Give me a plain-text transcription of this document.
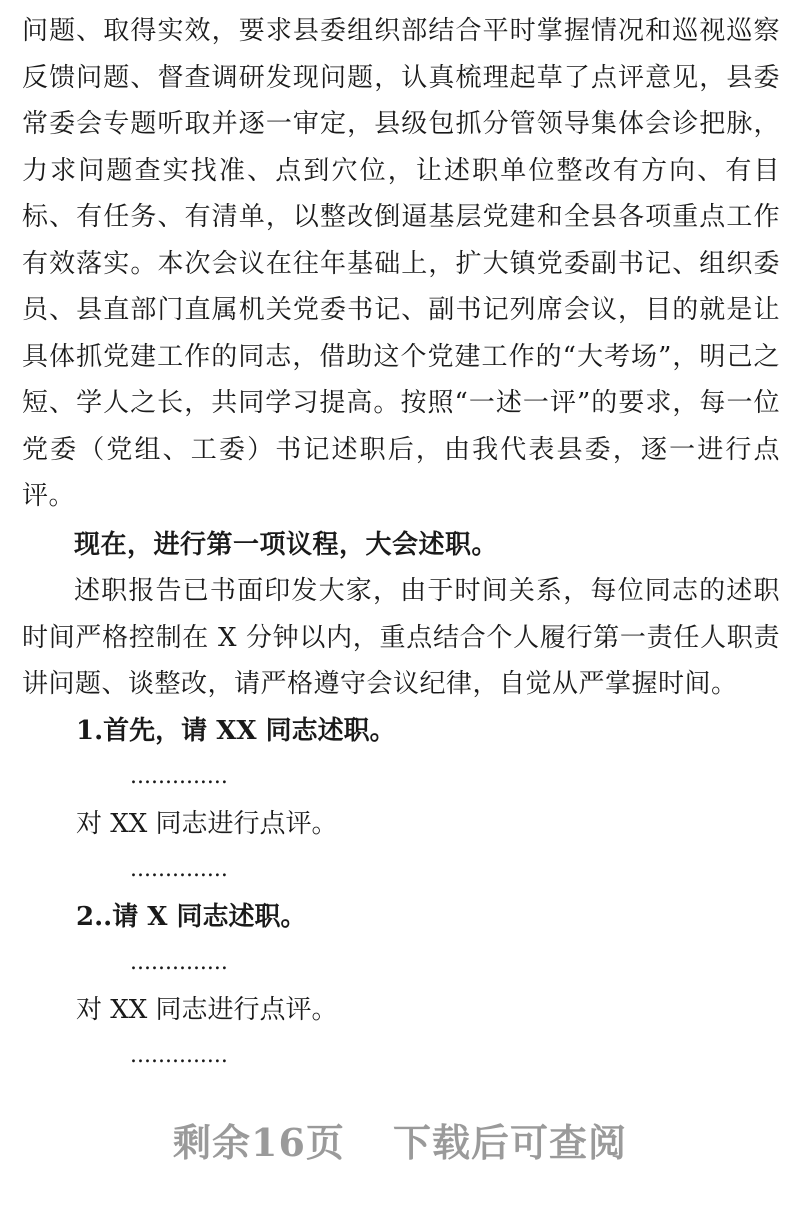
问题、取得实效，要求县委组织部结合平时掌握情况和巡视巡察反馈问题、督查调研发现问题，认真梳理起草了点评意见，县委常委会专题听取并逐一审定，县级包抓分管领导集体会诊把脉，力求问题查实找准、点到穴位，让述职单位整改有方向、有目标、有任务、有清单，以整改倒逼基层党建和全县各项重点工作有效落实。本次会议在往年基础上，扩大镇党委副书记、组织委员、县直部门直属机关党委书记、副书记列席会议，目的就是让具体抓党建工作的同志，借助这个党建工作的“大考场”，明己之短、学人之长，共同学习提高。按照“一述一评”的要求，每一位党委（党组、工委）书记述职后，由我代表县委，逐一进行点评。

现在，进行第一项议程，大会述职。

述职报告已书面印发大家，由于时间关系，每位同志的述职时间严格控制在 X 分钟以内，重点结合个人履行第一责任人职责讲问题、谈整改，请严格遵守会议纪律，自觉从严掌握时间。

1.首先，请 XX 同志述职。

..............

对 XX 同志进行点评。

..............

2..请 X 同志述职。

..............

对 XX 同志进行点评。

..............

剩余16页 下载后可查阅
